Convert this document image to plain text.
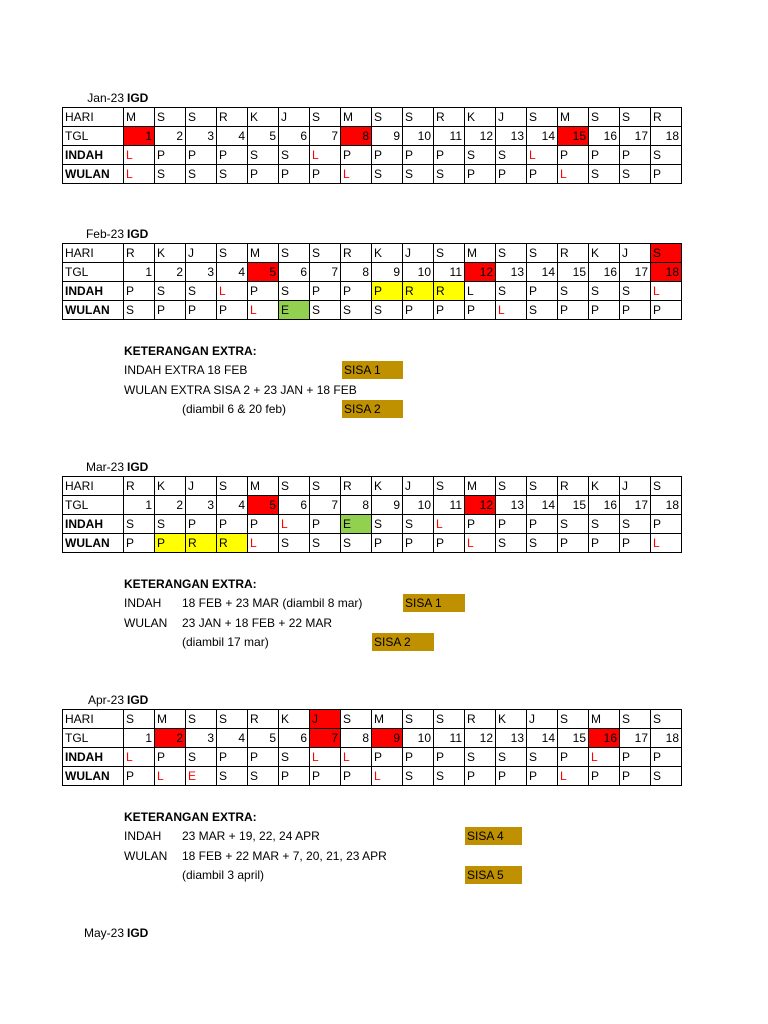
Jan-23 IGD
HARI	M	S	S	R	K	J	S	M	S	S	R	K	J	S	M	S	S	R
TGL	1	2	3	4	5	6	7	8	9	10	11	12	13	14	15	16	17	18
INDAH	L	P	P	P	S	S	L	P	P	P	P	S	S	L	P	P	P	S
WULAN	L	S	S	S	P	P	P	L	S	S	S	P	P	P	L	S	S	P
Feb-23 IGD
HARI	R	K	J	S	M	S	S	R	K	J	S	M	S	S	R	K	J	S
TGL	1	2	3	4	5	6	7	8	9	10	11	12	13	14	15	16	17	18
INDAH	P	S	S	L	P	S	P	P	P	R	R	L	S	P	S	S	S	L
WULAN	S	P	P	P	L	E	S	S	S	P	P	P	L	S	P	P	P	P
KETERANGAN EXTRA:
INDAH EXTRA 18 FEB
WULAN EXTRA SISA 2 + 23 JAN + 18 FEB
(diambil 6 & 20 feb)
SISA 1
SISA 2
Mar-23 IGD
HARI	R	K	J	S	M	S	S	R	K	J	S	M	S	S	R	K	J	S
TGL	1	2	3	4	5	6	7	8	9	10	11	12	13	14	15	16	17	18
INDAH	S	S	P	P	P	L	P	E	S	S	L	P	P	P	S	S	S	P
WULAN	P	P	R	R	L	S	S	S	P	P	P	L	S	S	P	P	P	L
KETERANGAN EXTRA:
INDAH 18 FEB + 23 MAR (diambil 8 mar)
WULAN 23 JAN + 18 FEB + 22 MAR
(diambil 17 mar)
SISA 1
SISA 2
Apr-23 IGD
HARI	S	M	S	S	R	K	J	S	M	S	S	R	K	J	S	M	S	S
TGL	1	2	3	4	5	6	7	8	9	10	11	12	13	14	15	16	17	18
INDAH	L	P	S	P	P	S	L	L	P	P	P	S	S	S	P	L	P	P
WULAN	P	L	E	S	S	P	P	P	L	S	S	P	P	P	L	P	P	S
KETERANGAN EXTRA:
INDAH 23 MAR + 19, 22, 24 APR
WULAN 18 FEB + 22 MAR + 7, 20, 21, 23 APR
(diambil 3 april)
SISA 4
SISA 5
May-23 IGD
